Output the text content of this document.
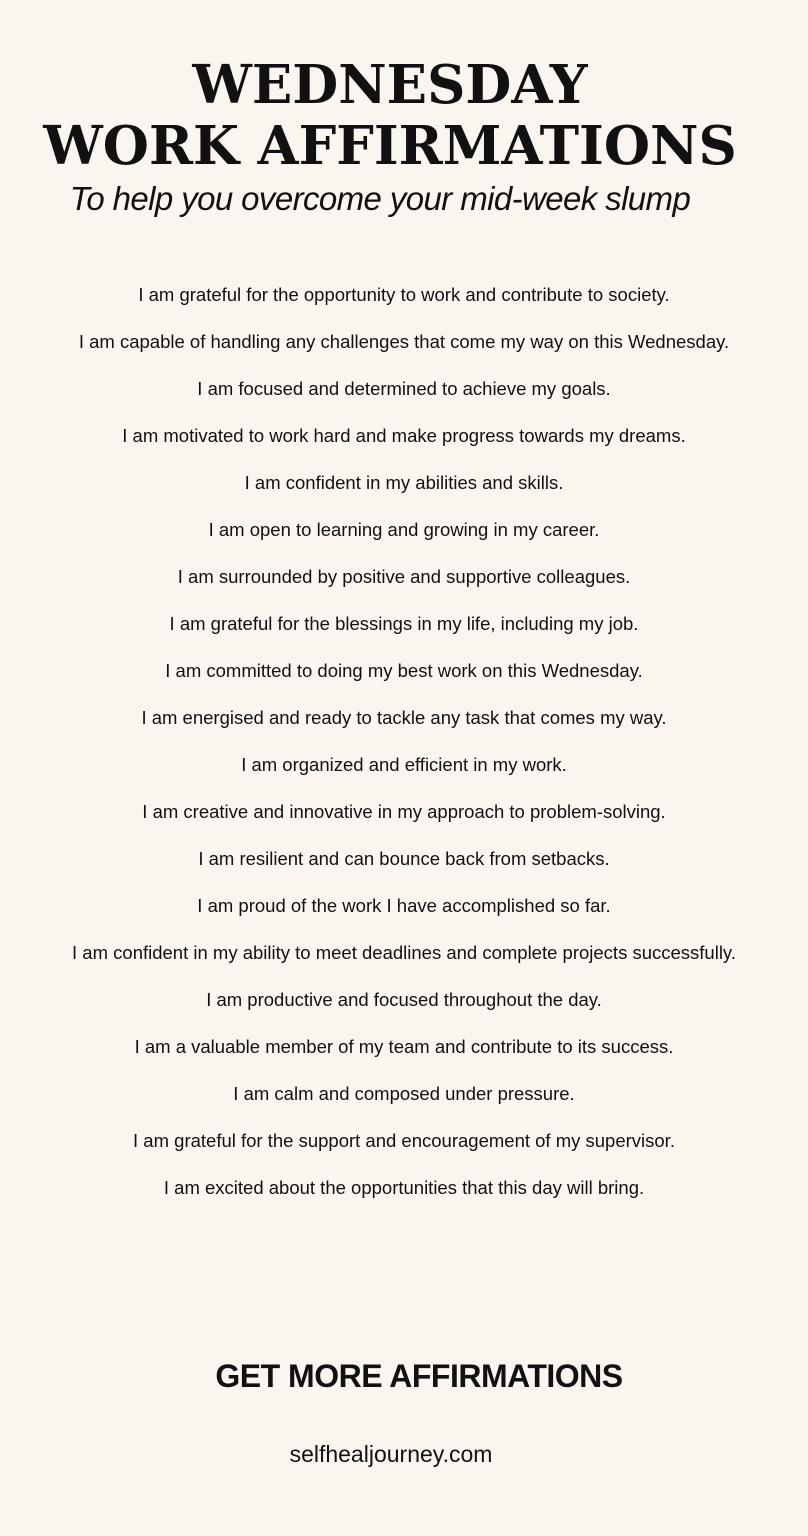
WEDNESDAY
WORK AFFIRMATIONS

To help you overcome your mid-week slump

I am grateful for the opportunity to work and contribute to society.
I am capable of handling any challenges that come my way on this Wednesday.
I am focused and determined to achieve my goals.
I am motivated to work hard and make progress towards my dreams.
I am confident in my abilities and skills.
I am open to learning and growing in my career.
I am surrounded by positive and supportive colleagues.
I am grateful for the blessings in my life, including my job.
I am committed to doing my best work on this Wednesday.
I am energised and ready to tackle any task that comes my way.
I am organized and efficient in my work.
I am creative and innovative in my approach to problem-solving.
I am resilient and can bounce back from setbacks.
I am proud of the work I have accomplished so far.
I am confident in my ability to meet deadlines and complete projects successfully.
I am productive and focused throughout the day.
I am a valuable member of my team and contribute to its success.
I am calm and composed under pressure.
I am grateful for the support and encouragement of my supervisor.
I am excited about the opportunities that this day will bring.

GET MORE AFFIRMATIONS

selfhealjourney.com
